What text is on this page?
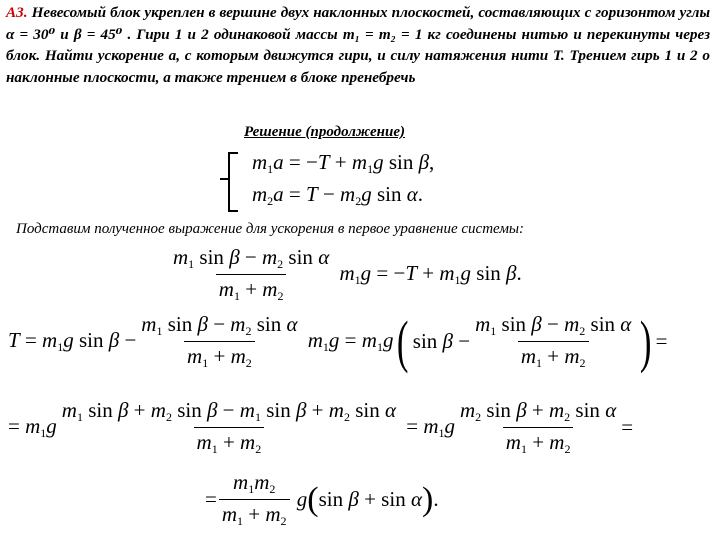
А3. Невесомый блок укреплен в вершине двух наклонных плоскостей, составляющих с горизонтом углы α = 30⁰ и β = 45⁰ . Гири 1 и 2 одинаковой массы m₁ = m₂ = 1 кг соединены нитью и перекинуты через блок. Найти ускорение а, с которым движутся гири, и силу натяжения нити T. Трением гирь 1 и 2 о наклонные плоскости, а также трением в блоке пренебречь
Решение (продолжение)
$m_1a = -T + m_1g$ sin β,
$m_2a = T - m_2g$ sin α.
Подставим полученное выражение для ускорения в первое уравнение системы:
$\frac{m_1 \sin \beta - m_2 \sin \alpha}{m_1 + m_2} m_1g = -T + m_1g$ sin β.
$T = m_1g$ $\sin \beta - \frac{m_1 \sin \beta - m_2 \sin \alpha}{m_1 + m_2} m_1g = m_1g$ ( $\sin \beta - \frac{m_1 \sin \beta - m_2 \sin \alpha}{m_1 + m_2}$ ) =
= $m_1g \frac{m_1 \sin \beta + m_2 \sin \beta - m_1 \sin \beta + m_2 \sin \alpha}{m_1 + m_2} = m_1g \frac{m_2 \sin \beta + m_2 \sin \alpha}{m_1 + m_2}$ =
= $\frac{m_1m_2}{m_1 + m_2}$ g ( sin β + sin α ) .
